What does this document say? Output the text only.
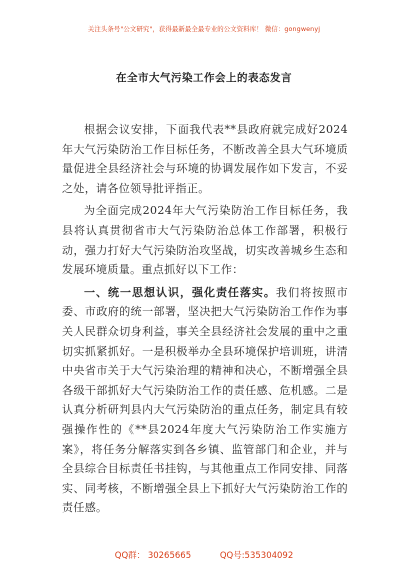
关注头条号"公文研究"，获得最新最全最专业的公文资料库！ 微信：gongwenyj
在全市大气污染工作会上的表态发言

根据会议安排，下面我代表**县政府就完成好2024年大气污染防治工作目标任务，不断改善全县大气环境质量促进全县经济社会与环境的协调发展作如下发言，不妥之处，请各位领导批评指正。

为全面完成2024年大气污染防治工作目标任务，我县将认真贯彻省市大气污染防治总体工作部署，积极行动，强力打好大气污染防治攻坚战，切实改善城乡生态和发展环境质量。重点抓好以下工作：

一、统一思想认识，强化责任落实。我们将按照市委、市政府的统一部署，坚决把大气污染防治工作作为事关人民群众切身利益，事关全县经济社会发展的重中之重切实抓紧抓好。一是积极举办全县环境保护培训班，讲清中央省市关于大气污染治理的精神和决心，不断增强全县各级干部抓好大气污染防治工作的责任感、危机感。二是认真分析研判县内大气污染防治的重点任务，制定具有较强操作性的《**县2024年度大气污染防治工作实施方案》，将任务分解落实到各乡镇、监管部门和企业，并与全县综合目标责任书挂钩，与其他重点工作同安排、同落实、同考核，不断增强全县上下抓好大气污染防治工作的责任感。

QQ群： 30265665	QQ号:535304092
